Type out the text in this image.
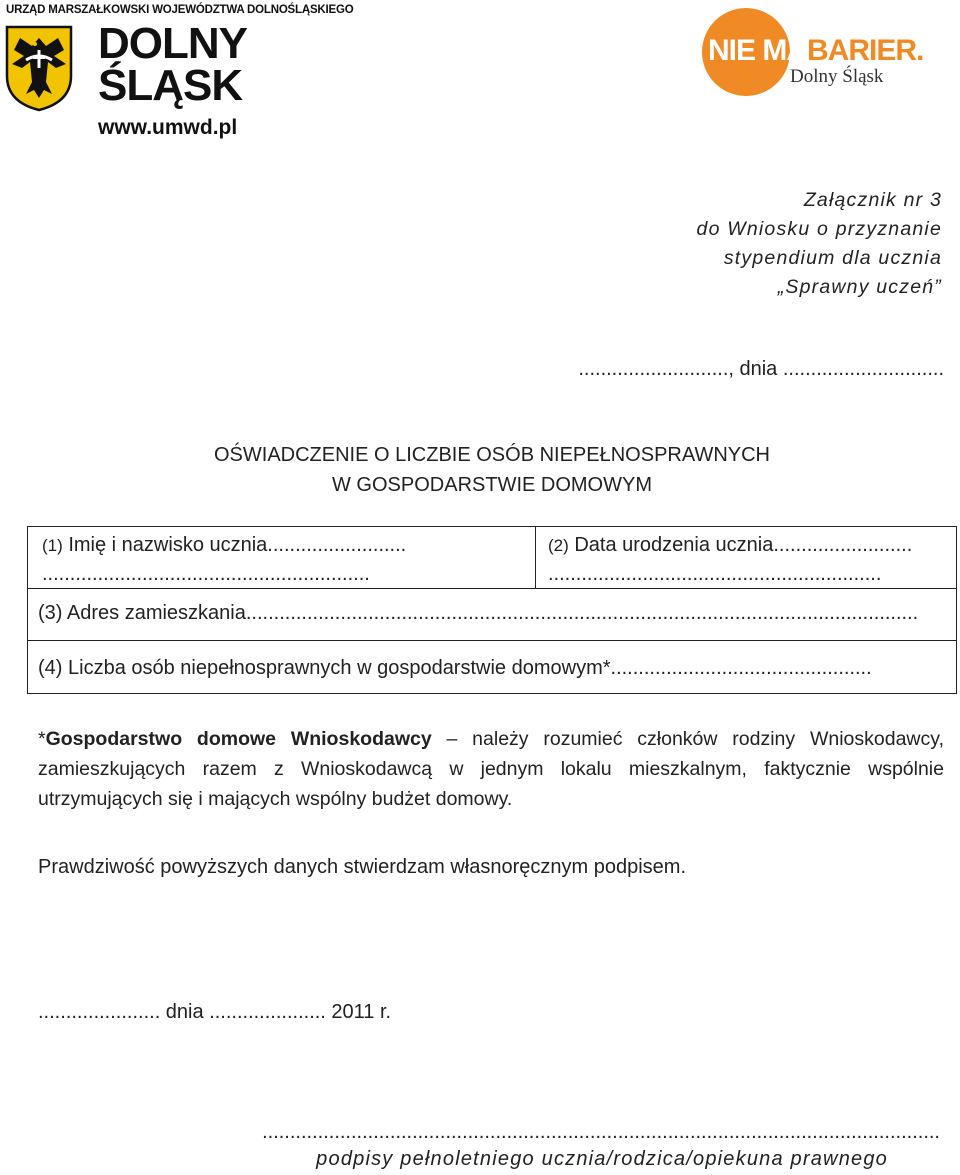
URZĄD MARSZAŁKOWSKI WOJEWÓDZTWA DOLNOŚLĄSKIEGO
DOLNY
ŚLĄSK
www.umwd.pl
NIE MABARIER.
Dolny Śląsk
Załącznik nr 3
do Wniosku o przyznanie
stypendium dla ucznia
„Sprawny uczeń”
..........................., dnia .............................
OŚWIADCZENIE O LICZBIE OSÓB NIEPEŁNOSPRAWNYCH
W GOSPODARSTWIE DOMOWYM
(1) Imię i nazwisko ucznia.........................
...........................................................
(2) Data urodzenia ucznia.........................
............................................................
(3) Adres zamieszkania.........................................................................................................................
(4) Liczba osób niepełnosprawnych w gospodarstwie domowym*...............................................
*Gospodarstwo domowe Wnioskodawcy – należy rozumieć członków rodziny Wnioskodawcy, zamieszkujących razem z Wnioskodawcą w jednym lokalu mieszkalnym, faktycznie wspólnie utrzymujących się i mających wspólny budżet domowy.
Prawdziwość powyższych danych stwierdzam własnoręcznym podpisem.
...................... dnia ..................... 2011 r.
..........................................................................................................................
podpisy pełnoletniego ucznia/rodzica/opiekuna prawnego
